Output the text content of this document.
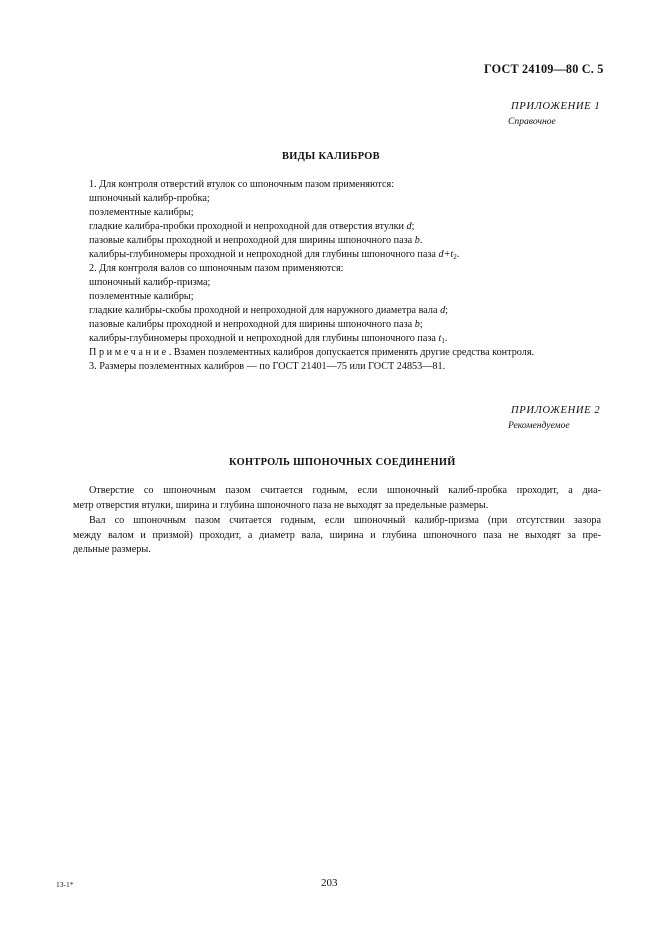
ГОСТ 24109—80 С. 5
ПРИЛОЖЕНИЕ 1
Справочное
ВИДЫ КАЛИБРОВ
1. Для контроля отверстий втулок со шпоночным пазом применяются:
шпоночный калибр-пробка;
поэлементные калибры;
гладкие калибра-пробки проходной и непроходной для отверстия втулки d;
пазовые калибры проходной и непроходной для ширины шпоночного паза b.
калибры-глубиномеры проходной и непроходной для глубины шпоночного паза $d+t_2$.
2. Для контроля валов со шпоночным пазом применяются:
шпоночный калибр-призма;
поэлементные калибры;
гладкие калибры-скобы проходной и непроходной для наружного диаметра вала d;
пазовые калибры проходной и непроходной для ширины шпоночного паза b;
калибры-глубиномеры проходной и непроходной для глубины шпоночного паза $t_1$.
Примечание. Взамен поэлементных калибров допускается применять другие средства контроля.
3. Размеры поэлементных калибров — по ГОСТ 21401—75 или ГОСТ 24853—81.
ПРИЛОЖЕНИЕ 2
Рекомендуемое
КОНТРОЛЬ ШПОНОЧНЫХ СОЕДИНЕНИЙ
Отверстие со шпоночным пазом считается годным, если шпоночный калиб-пробка проходит, а диа-
метр отверстия втулки, ширина и глубина шпоночного паза не выходят за предельные размеры.
Вал со шпоночным пазом считается годным, если шпоночный калибр-призма (при отсутствии зазора
между валом и призмой) проходит, а диаметр вала, ширина и глубина шпоночного паза не выходят за пре-
дельные размеры.
13-1*	203
